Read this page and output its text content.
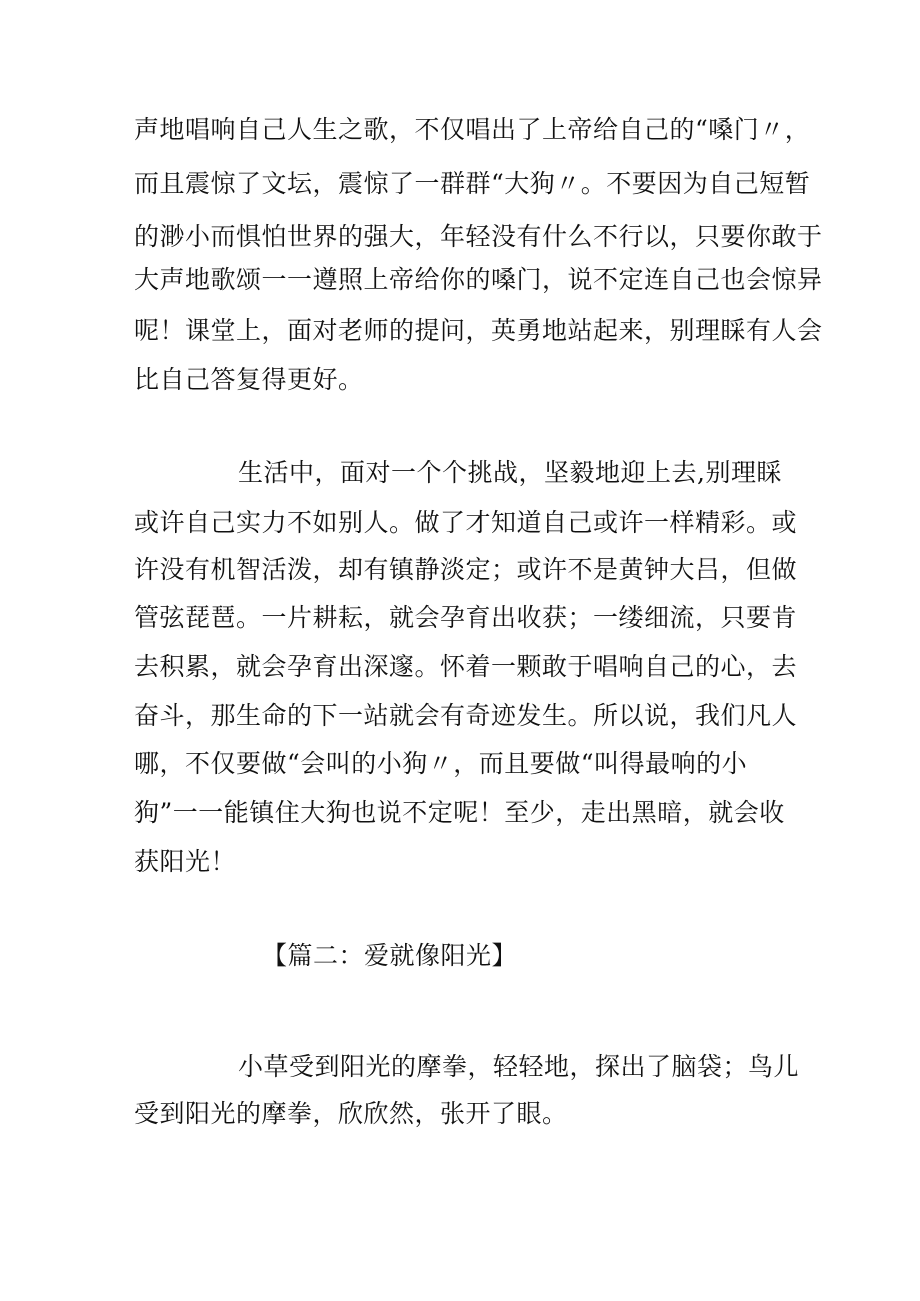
声地唱响自己人生之歌，不仅唱出了上帝给自己的“嗓门〃，
而且震惊了文坛，震惊了一群群“大狗〃。不要因为自己短暂
的渺小而惧怕世界的强大，年轻没有什么不行以，只要你敢于
大声地歌颂一一遵照上帝给你的嗓门，说不定连自己也会惊异
呢！课堂上，面对老师的提问，英勇地站起来，别理睬有人会
比自己答复得更好。
生活中，面对一个个挑战，坚毅地迎上去,别理睬
或许自己实力不如别人。做了才知道自己或许一样精彩。或
许没有机智活泼，却有镇静淡定；或许不是黄钟大吕，但做
管弦琵琶。一片耕耘，就会孕育出收获；一缕细流，只要肯
去积累，就会孕育出深邃。怀着一颗敢于唱响自己的心，去
奋斗，那生命的下一站就会有奇迹发生。所以说，我们凡人
哪，不仅要做“会叫的小狗〃，而且要做“叫得最响的小
狗”一一能镇住大狗也说不定呢！至少，走出黑暗，就会收
获阳光！
【篇二：爱就像阳光】
小草受到阳光的摩拳，轻轻地，探出了脑袋；鸟儿
受到阳光的摩拳，欣欣然，张开了眼。
